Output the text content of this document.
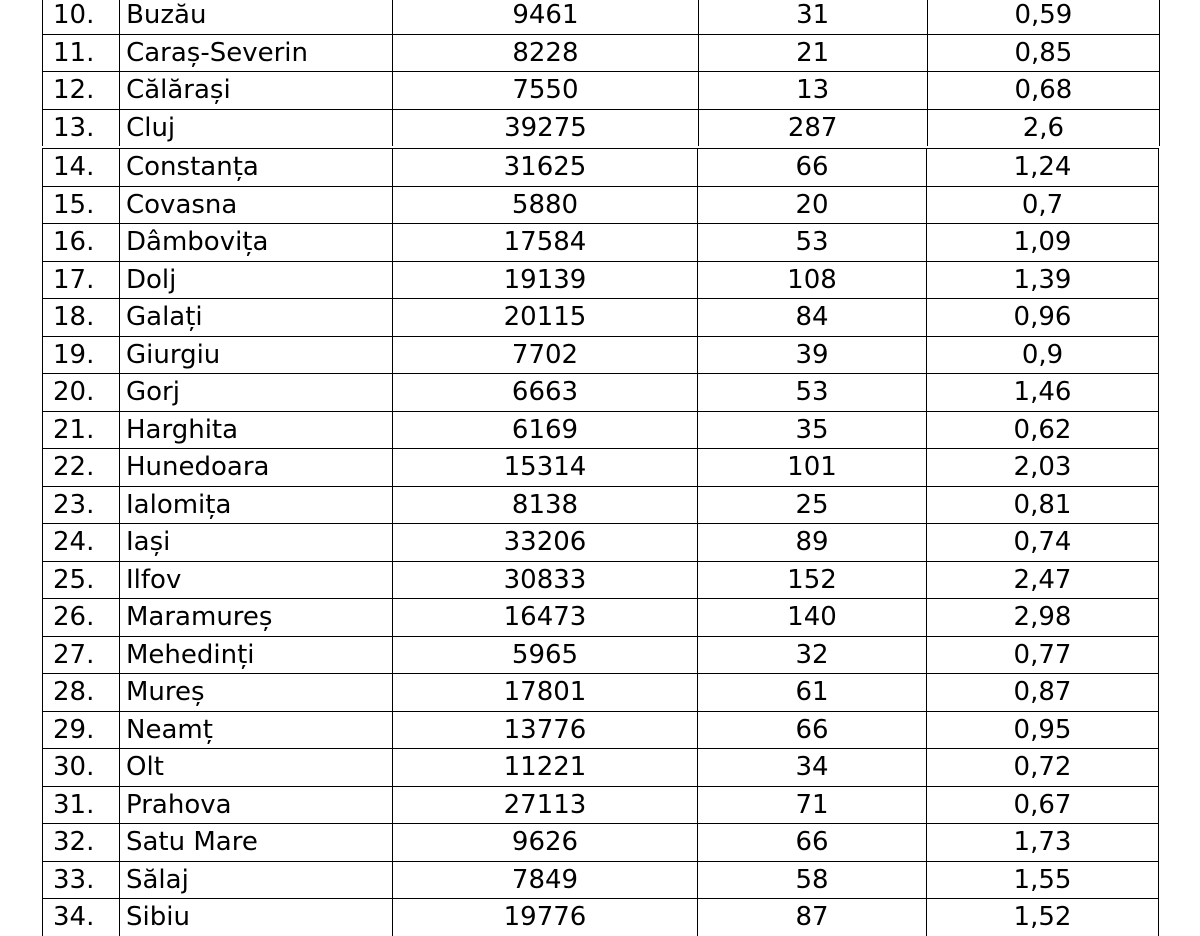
10.	Buzău	9461	31	0,59
11.	Caraș-Severin	8228	21	0,85
12.	Călărași	7550	13	0,68
13.	Cluj	39275	287	2,6
14.	Constanța	31625	66	1,24
15.	Covasna	5880	20	0,7
16.	Dâmbovița	17584	53	1,09
17.	Dolj	19139	108	1,39
18.	Galați	20115	84	0,96
19.	Giurgiu	7702	39	0,9
20.	Gorj	6663	53	1,46
21.	Harghita	6169	35	0,62
22.	Hunedoara	15314	101	2,03
23.	Ialomița	8138	25	0,81
24.	Iași	33206	89	0,74
25.	Ilfov	30833	152	2,47
26.	Maramureș	16473	140	2,98
27.	Mehedinți	5965	32	0,77
28.	Mureș	17801	61	0,87
29.	Neamț	13776	66	0,95
30.	Olt	11221	34	0,72
31.	Prahova	27113	71	0,67
32.	Satu Mare	9626	66	1,73
33.	Sălaj	7849	58	1,55
34.	Sibiu	19776	87	1,52
